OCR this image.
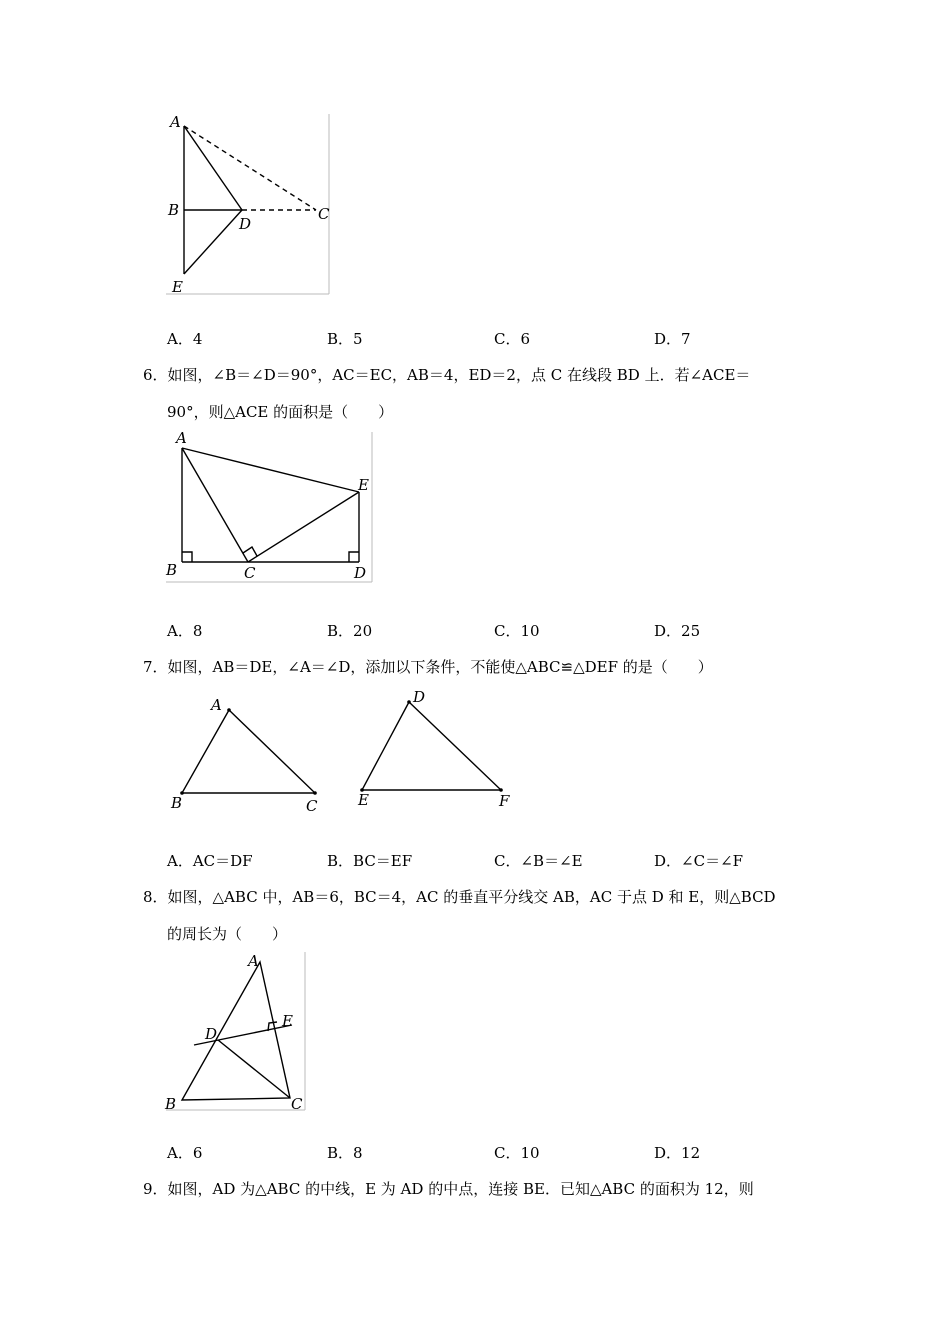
A
B
D
C
E
A．4	B．5	C．6	D．7
6．如图，∠B＝∠D＝90°，AC＝EC，AB＝4，ED＝2，点 C 在线段 BD 上．若∠ACE＝
90°，则△ACE 的面积是（　　）
A
E
B	C	D
A．8	B．20	C．10	D．25
7．如图，AB＝DE，∠A＝∠D，添加以下条件，不能使△ABC≌△DEF 的是（　　）
A
B	C
D
E	F
A．AC＝DF	B．BC＝EF	C．∠B＝∠E	D．∠C＝∠F
8．如图，△ABC 中，AB＝6，BC＝4，AC 的垂直平分线交 AB，AC 于点 D 和 E，则△BCD
的周长为（　　）
A
E
D
B	C
A．6	B．8	C．10	D．12
9．如图，AD 为△ABC 的中线，E 为 AD 的中点，连接 BE．已知△ABC 的面积为 12，则
